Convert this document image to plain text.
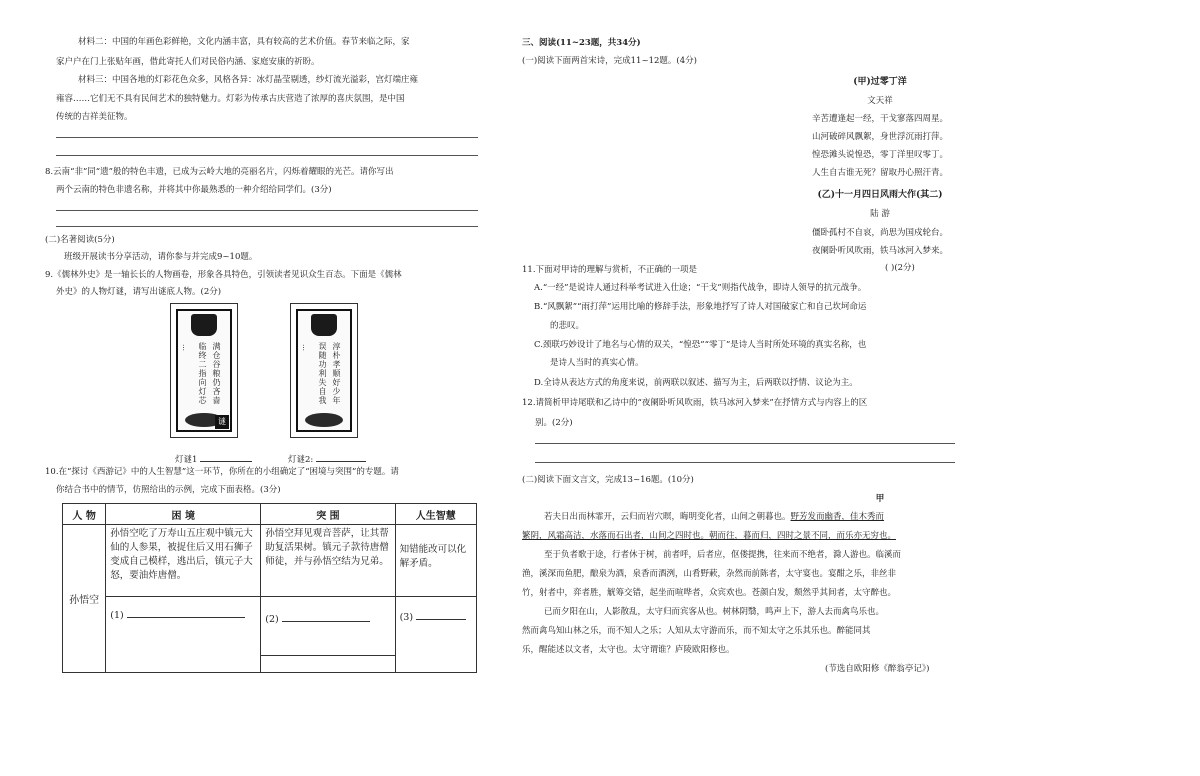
材料二：中国的年画色彩鲜艳，文化内涵丰富，具有较高的艺术价值。春节来临之际，家
家户户在门上张贴年画，借此寄托人们对民俗内涵、家庭安康的祈盼。
材料三：中国各地的灯彩花色众多，风格各异：冰灯晶莹剔透，纱灯流光溢彩，宫灯端庄雍
雍容……它们无不具有民间艺术的独特魅力。灯彩为传承古庆营造了浓厚的喜庆氛围，是中国
传统的吉祥美征物。
8.云南“非”同“遗”般的特色丰遗，已成为云岭大地的亮丽名片，闪烁着耀眼的光芒。请你写出
两个云南的特色非遗名称，并将其中你最熟悉的一种介绍给同学们。(3分)
(二)名著阅读(5分)
班级开展读书分享活动，请你参与并完成9~10题。
9.《儒林外史》是一轴长长的人物画卷，形象各具特色，引领读者见识众生百态。下面是《儒林
外史》的人物灯谜，请写出谜底人物。(2分)
… 临终二指向灯芯
满仓谷粮仍吝啬
谜
… 误随功利失自我
淳朴孝顺好少年
灯谜1	灯谜2:
10.在“探讨《西游记》中的人生智慧”这一环节，你所在的小组确定了“困境与突围”的专题。请
你结合书中的情节，仿照给出的示例，完成下面表格。(3分)
人 物	困 境	突 围	人生智慧
孙悟空	孙悟空吃了万寿山五庄观中镇元大仙的人参果，被捉住后又用石狮子变成自己模样，逃出后，镇元子大怒，要油炸唐僧。	孙悟空拜见观音菩萨，让其帮助复活果树。镇元子款待唐僧师徒，并与孙悟空结为兄弟。	知错能改可以化解矛盾。
	(1)	(2)	(3)
三、阅读(11~23题，共34分)
(一)阅读下面两首宋诗，完成11~12题。(4分)
(甲)过零丁洋
文天祥
辛苦遭逢起一经，干戈寥落四周星。
山河破碎风飘絮，身世浮沉雨打萍。
惶恐滩头说惶恐，零丁洋里叹零丁。
人生自古谁无死？留取丹心照汗青。
(乙)十一月四日风雨大作(其二)
陆 游
僵卧孤村不自哀，尚思为国戍轮台。
夜阑卧听风吹雨，铁马冰河入梦来。
11.下面对甲诗的理解与赏析，不正确的一项是	( )(2分)
A.“一经”是说诗人通过科举考试进入仕途；“干戈”则指代战争，即诗人领导的抗元战争。
B.“风飘絮”“雨打萍”运用比喻的修辞手法，形象地抒写了诗人对国破家亡和自己坎坷命运
的悲叹。
C.颈联巧妙设计了地名与心情的双关，“惶恐”“零丁”是诗人当时所处环境的真实名称，也
是诗人当时的真实心情。
D.全诗从表达方式的角度来说，前两联以叙述、描写为主，后两联以抒情、议论为主。
12.请简析甲诗尾联和乙诗中的“夜阑卧听风吹雨，铁马冰河入梦来”在抒情方式与内容上的区
别。(2分)
(二)阅读下面文言文，完成13~16题。(10分)
甲
若夫日出而林霏开，云归而岩穴暝，晦明变化者，山间之朝暮也。野芳发而幽香，佳木秀而
繁阴，风霜高洁，水落而石出者，山间之四时也。朝而往，暮而归，四时之景不同，而乐亦无穷也。
至于负者歌于途，行者休于树，前者呼，后者应，伛偻提携，往来而不绝者，滁人游也。临溪而
渔，溪深而鱼肥，酿泉为酒，泉香而酒洌，山肴野蔌，杂然而前陈者，太守宴也。宴酣之乐，非丝非
竹，射者中，弈者胜，觥筹交错，起坐而喧哗者，众宾欢也。苍颜白发，颓然乎其间者，太守醉也。
已而夕阳在山，人影散乱，太守归而宾客从也。树林阴翳，鸣声上下，游人去而禽鸟乐也。
然而禽鸟知山林之乐，而不知人之乐；人知从太守游而乐，而不知太守之乐其乐也。醉能同其
乐，醒能述以文者，太守也。太守谓谁？庐陵欧阳修也。
(节选自欧阳修《醉翁亭记》)
